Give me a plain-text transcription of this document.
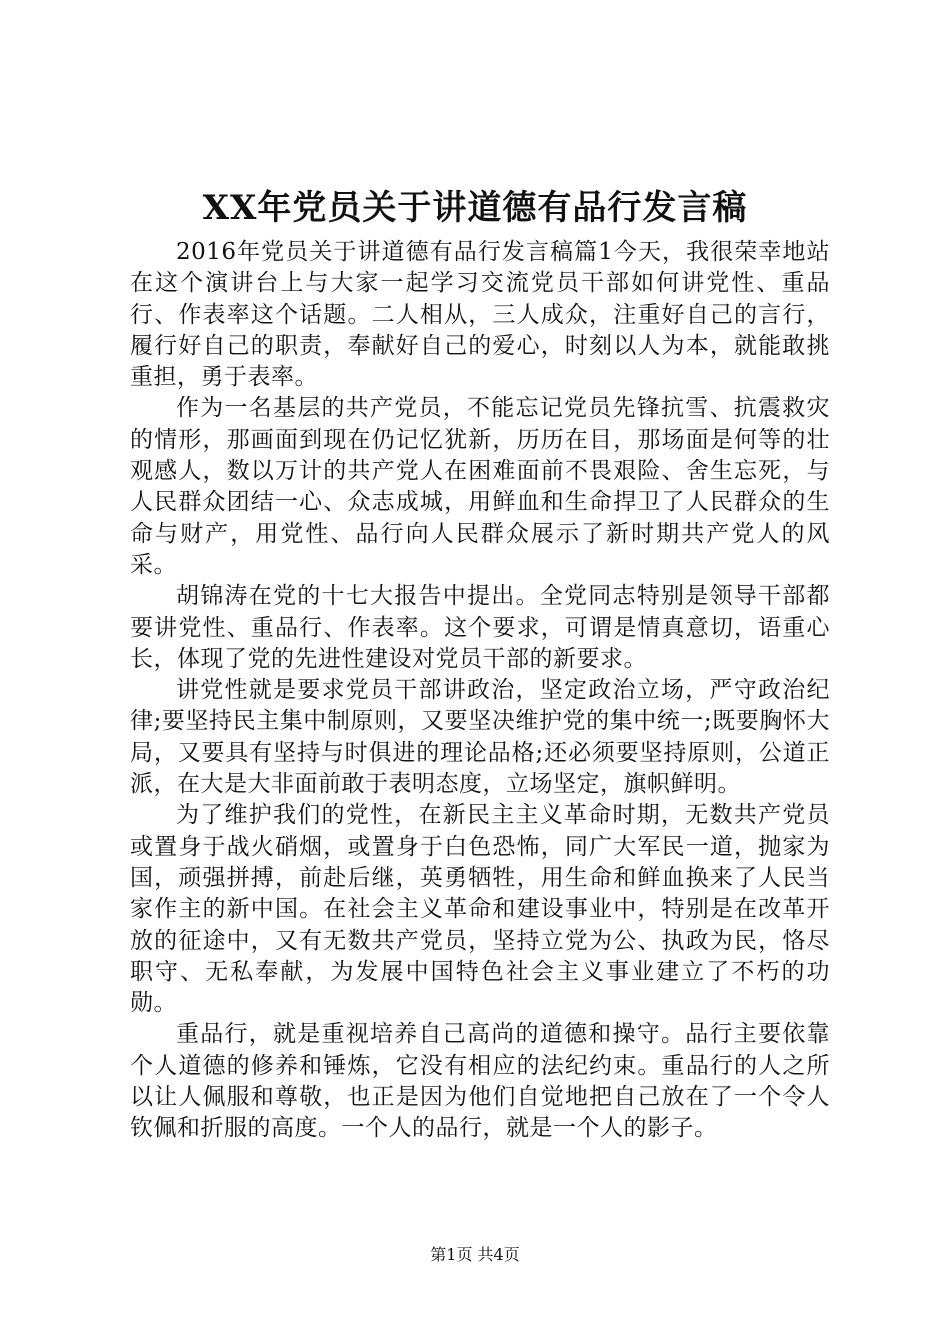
XX年党员关于讲道德有品行发言稿

2016年党员关于讲道德有品行发言稿篇1今天，我很荣幸地站在这个演讲台上与大家一起学习交流党员干部如何讲党性、重品行、作表率这个话题。二人相从，三人成众，注重好自己的言行，履行好自己的职责，奉献好自己的爱心，时刻以人为本，就能敢挑重担，勇于表率。

作为一名基层的共产党员，不能忘记党员先锋抗雪、抗震救灾的情形，那画面到现在仍记忆犹新，历历在目，那场面是何等的壮观感人，数以万计的共产党人在困难面前不畏艰险、舍生忘死，与人民群众团结一心、众志成城，用鲜血和生命捍卫了人民群众的生命与财产，用党性、品行向人民群众展示了新时期共产党人的风采。

胡锦涛在党的十七大报告中提出。全党同志特别是领导干部都要讲党性、重品行、作表率。这个要求，可谓是情真意切，语重心长，体现了党的先进性建设对党员干部的新要求。

讲党性就是要求党员干部讲政治，坚定政治立场，严守政治纪律;要坚持民主集中制原则，又要坚决维护党的集中统一;既要胸怀大局，又要具有坚持与时俱进的理论品格;还必须要坚持原则，公道正派，在大是大非面前敢于表明态度，立场坚定，旗帜鲜明。

为了维护我们的党性，在新民主主义革命时期，无数共产党员或置身于战火硝烟，或置身于白色恐怖，同广大军民一道，抛家为国，顽强拼搏，前赴后继，英勇牺牲，用生命和鲜血换来了人民当家作主的新中国。在社会主义革命和建设事业中，特别是在改革开放的征途中，又有无数共产党员，坚持立党为公、执政为民，恪尽职守、无私奉献，为发展中国特色社会主义事业建立了不朽的功勋。

重品行，就是重视培养自己高尚的道德和操守。品行主要依靠个人道德的修养和锤炼，它没有相应的法纪约束。重品行的人之所以让人佩服和尊敬，也正是因为他们自觉地把自己放在了一个令人钦佩和折服的高度。一个人的品行，就是一个人的影子。

第1页 共4页
